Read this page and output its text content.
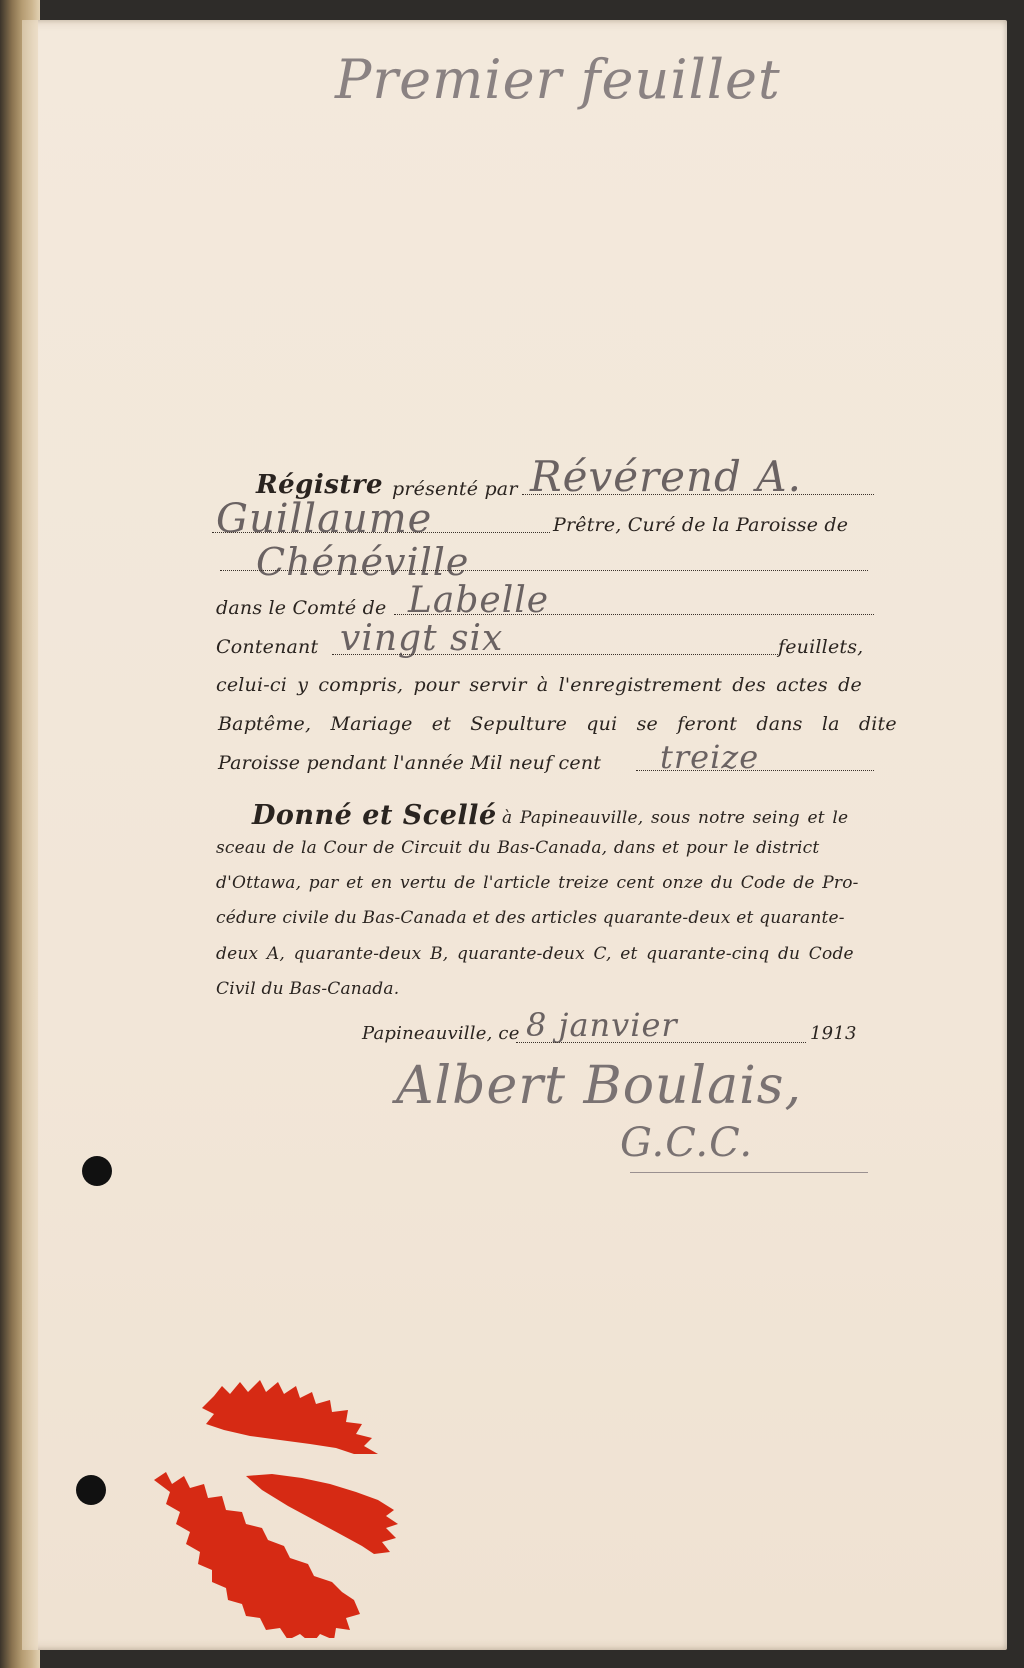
Premier feuillet
Régistre présenté par Révérend A.
Guillaume	Prêtre, Curé de la Paroisse de
Chénéville
dans le Comté de Labelle
Contenant vingt six	feuillets,
celui-ci y compris, pour servir à l'enregistrement des actes de
Baptême, Mariage et Sepulture qui se feront dans la dite
Paroisse pendant l'année Mil neuf cent treize
Donné et Scellé à Papineauville, sous notre seing et le
sceau de la Cour de Circuit du Bas-Canada, dans et pour le district
d'Ottawa, par et en vertu de l'article treize cent onze du Code de Pro-
cédure civile du Bas-Canada et des articles quarante-deux et quarante-
deux A, quarante-deux B, quarante-deux C, et quarante-cinq du Code
Civil du Bas-Canada.
Papineauville, ce 8 janvier	1913
Albert Boulais,
G.C.C.
